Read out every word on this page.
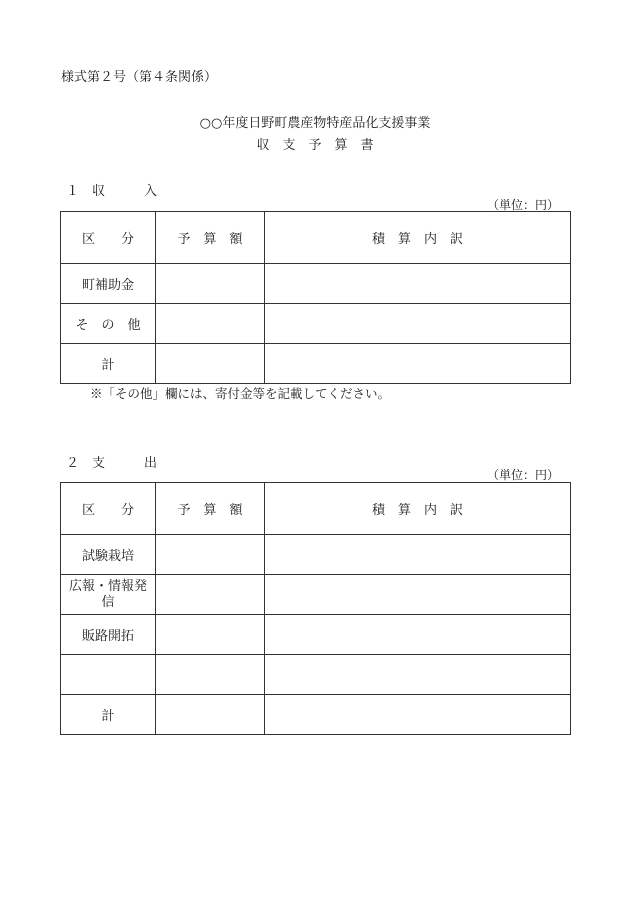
様式第２号（第４条関係）
○○年度日野町農産物特産品化支援事業
収　支　予　算　書
１　収　　　入
（単位：円）
区　　分	予　算　額	積　算　内　訳
町補助金		
そ　の　他		
計		
※「その他」欄には、寄付金等を記載してください。
２　支　　　出
（単位：円）
区　　分	予　算　額	積　算　内　訳
試験栽培		
広報・情報発信		
販路開拓		

計		
